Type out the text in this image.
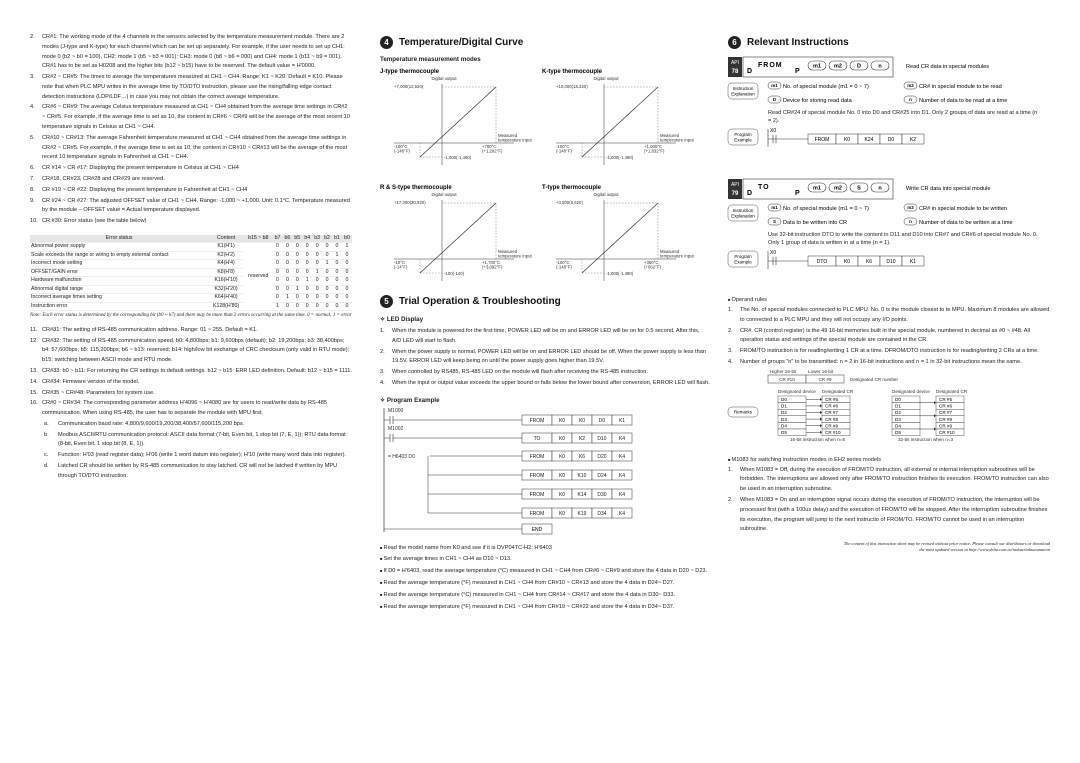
2.	CR#1: The working mode of the 4 channels in the sensors selected by the temperature measurement module. There are 2 modes (J-type and K-type) for each channel which can be set up separately. For example, if the user needs to set up CH1: mode 0 (b2 ~ b0 = 100), CH2: mode 1 (b5 ~ b3 = 001); CH3: mode 0 (b8 ~ b6 = 000) and CH4: mode 1 (b11 ~ b9 = 001), CR#1 has to be set as H0208 and the higher bits (b12 ~ b15) have to be reserved. The default value = H'0000.

3.	CR#2 ~ CR#5: The times to average the temperatures measured at CH1 ~ CH4. Range: K1 ~ K20. Default = K10. Please note that when PLC MPU writes in the average time by TO/DTO instruction, please use the rising/falling edge contact detection instructions (LDP/LDF…) in case you may not obtain the correct average temperature.

4.	CR#6 ~ CR#9: The average Celsius temperature measured at CH1 ~ CH4 obtained from the average time settings in CR#2 ~ CR#5. For example, if the average time is set as 10, the content in CR#6 ~ CR#9 will be the average of the most recent 10 temperature signals in Celsius at CH1 ~ CH4.

5.	CR#10 ~ CR#13: The average Fahrenheit temperature measured at CH1 ~ CH4 obtained from the average time settings in CR#2 ~ CR#5. For example, if the average time is set as 10, the content in CR#10 ~ CR#13 will be the average of the most recent 10 temperature signals in Fahrenheit at CH1 ~ CH4.

6.	CR #14 ~ CR #17: Displaying the present temperature in Celsius at CH1 ~ CH4

7.	CR#18, CR#23, CR#28 and CR#29 are reserved.

8.	CR #19 ~ CR #22: Displaying the present temperature in Fahrenheit at CH1 ~ CH4

9.	CR #24 ~ CR #27: The adjusted OFFSET value of CH1 ~ CH4. Range: -1,000 ~ +1,000. Unit: 0.1°C. Temperature measured by the module – OFFSET value = Actual temperature displayed.

10. CR #30: Error status (see the table below)

Error status	Content	b15 ~ b8	b7	b6	b5	b4	b3	b2	b1	b0
Abnormal power supply	K1(H'1)	reserved	0	0	0	0	0	0	0	1
Scale exceeds the range or wiring to empty external contact	K2(H'2)		0	0	0	0	0	0	1	0
Incorrect mode setting	K4(H'4)		0	0	0	0	0	1	0	0
OFFSET/GAIN error	K8(H'8)		0	0	0	0	1	0	0	0
Hardware malfunction	K16(H'10)		0	0	0	1	0	0	0	0
Abnormal digital range	K32(H'20)		0	0	1	0	0	0	0	0
Incorrect average times setting	K64(H'40)		0	1	0	0	0	0	0	0
Instruction error	K128(H'80)		1	0	0	0	0	0	0	0
Note: Each error status is determined by the corresponding bit (b0 ~ b7) and there may be more than 2 errors occurring at the same time. 0 = normal; 1 = error
11. CR#31: The setting of RS-485 communication address. Range: 01 ~ 255. Default = K1.

12. CR#32: The setting of RS-485 communication speed. b0: 4,800bps; b1: 9,600bps (default); b2: 19,200bps; b3: 38,400bps; b4: 57,600bps; b5: 115,200bps; b6 ~ b13: reserved; b14: high/low bit exchange of CRC checksum (only valid in RTU mode); b15: switching between ASCII mode and RTU mode.

13. CR#33: b0 ~ b11: For returning the CR settings to default settings. b12 ~ b15: ERR LED definition. Default: b12 ~ b15 = 1111.

14. CR#34: Firmware version of the model.

15. CR#35 ~ CR#48: Parameters for system use.

16. CR#0 ~ CR#34: The corresponding parameter address H'4096 ~ H'4080 are for users to read/write data by RS-485 communication. When using RS-485, the user has to separate the module with MPU first.

a.	Communication baud rate: 4,800/9,600/19,200/38,400/57,600/115,200 bps.

b.	Modbus ASCII/RTU communication protocol: ASCII data format (7-bit, Even bit, 1 stop bit (7, E, 1)); RTU data format (8-bit, Even bit, 1 stop bit (8, E, 1)).

c.	Function: H'03 (read register data); H'06 (write 1 word datum into register); H'10 (write many word data into register).

d.	Latched CR should be written by RS-485 communication to stay latched. CR will not be latched if written by MPU through TO/DTO instruction.

4 Temperature/Digital Curve
Temperature measurement modes
J-type thermocouple
Digital output
+7,000(12,920)
Measured
temperature input
-100°C
(-148°F)
+700°C
(+1,292°F)
-1,000(-1,480)
K-type thermocouple
Digital output
+10,000(18,320)
Measured
temperature input
-100°C
(-148°F)
+1,000°C
(+1,832°F)
-1,000(-1,480)
R & S-type thermocouple
Digital output
+17,000(30,920)
Measured
temperature input
-10°C
(-14°F)
+1,700°C
(+3,092°F)
-100(-140)
T-type thermocouple
Digital output
+3,500(6,620)
Measured
temperature input
-100°C
(-148°F)
+350°C
(+662°F)
-1,000(-1,480)
5 Trial Operation & Troubleshooting
✧ LED Display
1.	When the module is powered for the first time, POWER LED will be on and ERROR LED will be on for 0.5 second. After this, A/D LED will start to flash.

2.	When the power supply is normal, POWER LED will be on and ERROR LED should be off. When the power supply is less than 19.5V, ERROR LED will keep being on until the power supply goes higher than 19.5V.

3.	When controlled by RS485, RS-485 LED on the module will flash after receiving the RS-485 instruction.

4.	When the input or output value exceeds the upper bound or falls below the lower bound after conversion, ERROR LED will flash.

✧ Program Example
M1000
M1002
= H6403 D0
FROM	K0	K0	D0	K1
TO	K0	K2 D10 K4
FROM	K0	K6 D20 K4
FROM	K0 K10 D24 K4
FROM	K0 K14 D30 K4
FROM	K0 K19 D34 K4
END

■ Read the model name from K0 and see if it is DVP04TC-H2: H'6403

■ Set the average times in CH1 ~ CH4 as D10 ~ D13.

■ If D0 = H'6403, read the average temperature (°C) measured in CH1 ~ CH4 from CR#6 ~ CR#9 and store the 4 data in D20 ~ D23.

■ Read the average temperature (°F) measured in CH1 ~ CH4 from CR#10 ~ CR#13 and store the 4 data in D24~ D27.

■ Read the average temperature (°C) measured in CH1 ~ CH4 from CR#14 ~ CR#17 and store the 4 data in D30~ D33.

■ Read the average temperature (°F) measured in CH1 ~ CH4 from CR#19 ~ CR#22 and store the 4 data in D34~ D37.

6 Relevant Instructions
API
78 D
FROM
P
m1 m2	D	n	Read CR data in special modules
Instruction
Explanation
m1 No. of special module (m1 = 0 ~ 7)	m2 CR# in special module to be read
D Device for storing read data	n Number of data to be read at a time
Read CR#24 of special module No. 0 into D0 and CR#25 into D1. Only 2 groups of data are read at a time (n = 2).
Program
Example
X0
FROM	K0	K24	D0	K2
API
79 D
TO
P
m1 m2	S	n	Write CR data into special module
Instruction
Explanation
m1 No. of special module (m1 = 0 ~ 7)	m2 CR# in special module to be written
S Data to be written into CR	n Number of data to be written at a time
Use 32-bit instruction DTO to write the content in D11 and D10 into CR#7 and CR#6 of special module No. 0. Only 1 group of data is written in at a time (n = 1).
Program
Example
X0
DTO	K0	K6	D10	K1
■ Operand rules
1.	The No. of special modules connected to PLC MPU. No. 0 is the module closest to te MPU. Maximum 8 modules are allowed to connected to a PLC MPU and they will not occupy any I/O points.

2.	CR#. CR (control register) is the 49 16-bit memories built in the special module, numbered in decimal as #0 ~ #48. All operation status and settings of the special module are contained in the CR.

3.	FROM/TO instruction is for reading/writing 1 CR at a time. DFROM/DTO instruction is for reading/writing 2 CRs at a time.

4.	Number of groups "n" to be transmitted: n = 2 in 16-bit instructions and n = 1 in 32-bit instructions mean the same.

Higher 16-bit	Lower 16-bit
CR #10	CR #9	Designated CR number
Remarks
Designated device Designated CR
D0	CR #5
D1	CR #6
D2	CR #7
D3	CR #8
D4	CR #9
D5	CR #10
Designated device Designated CR
D0	CR #5
D1	CR #6
D2	CR #7
D3	CR #8
D4	CR #9
D5	CR #10
16-bit instruction when n=6	32-bit instruction when n=3
■ M1083 for switching instruction modes in EH2 series models
1.	When M1083 = Off, during the execution of FROM/TO instruction, all external or internal interruption subroutines will be forbidden. The interruptions are allowed only after FROM/TO instruction finishes its execution. FROM/TO instruction can also be used in an interruption subroutine.

2.	When M1083 = On and an interruption signal occurs during the execution of FROM/TO instruction, the interruption will be processed first (with a 100us delay) and the execution of FROM/TO will be stopped. After the interruption subroutine finishes its execution, the program will jump to the next instructio of FROM/TO. FROM/TO cannot be used in an interruption subroutine.

The content of this instruction sheet may be revised without prior notice. Please consult our distributors or download the most updated version at http://www.delta.com.tw/industrialautomation
